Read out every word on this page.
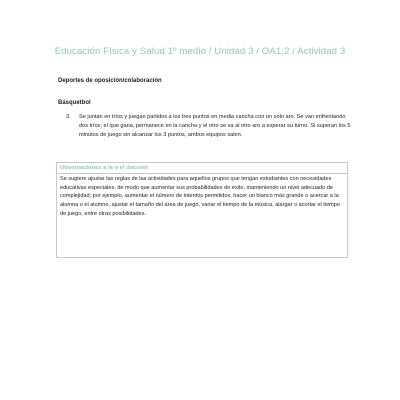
Educación Física y Salud 1º medio / Unidad 3 / OA1;2 / Actividad 3
Deportes de oposición/colaboración
Básquetbol
3. Se juntan en tríos y juegan partidos a los tres puntos en media cancha con un solo aro. Se van enfrentando dos tríos; el que gana, permanece en la cancha y el otro se va al otro aro a esperar su turno. Si superan los 5 minutos de juego sin alcanzar los 3 puntos, ambos equipos salen.
Observaciones a la o el docente
Se sugiere ajustar las reglas de las actividades para aquellos grupos que tengan estudiantes con necesidades educativas especiales, de modo que aumentar sus probabilidades de éxito, manteniendo un nivel adecuado de complejidad; por ejemplo, aumentar el número de intentos permitidos, hacer un blanco más grande o acercar a la alumna o el alumno, ajustar el tamaño del área de juego, variar el tiempo de la música, alargar o acortar el tiempo de juego, entre otras posibilidades.
